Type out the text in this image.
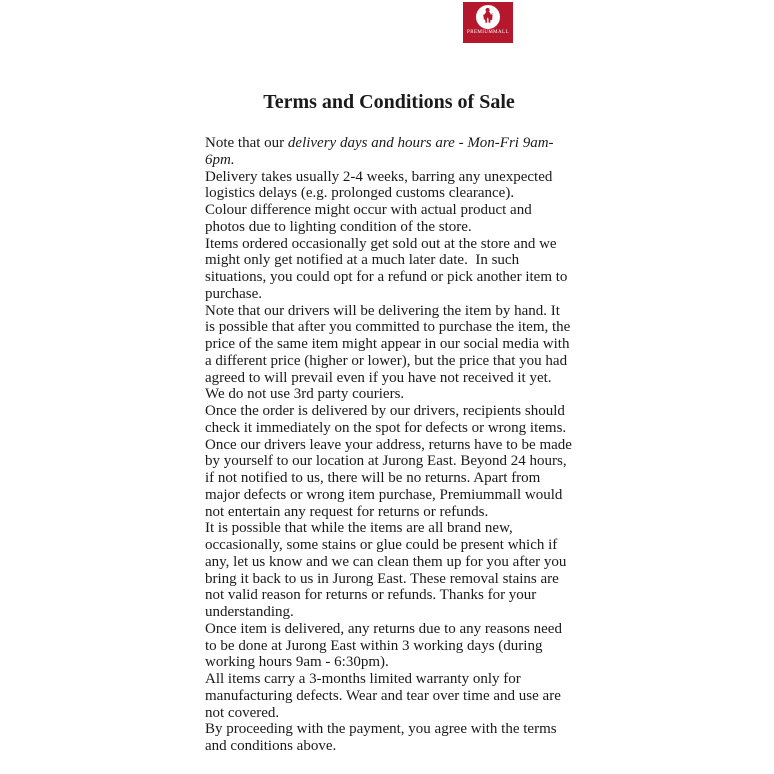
PREMIUMMALL
· · · · · · · ·
Terms and Conditions of Sale

Note that our delivery days and hours are - Mon-Fri 9am-6pm.

Delivery takes usually 2-4 weeks, barring any unexpected logistics delays (e.g. prolonged customs clearance).

Colour difference might occur with actual product and photos due to lighting condition of the store.

Items ordered occasionally get sold out at the store and we might only get notified at a much later date.  In such situations, you could opt for a refund or pick another item to purchase.

Note that our drivers will be delivering the item by hand. It is possible that after you committed to purchase the item, the price of the same item might appear in our social media with a different price (higher or lower), but the price that you had agreed to will prevail even if you have not received it yet. We do not use 3rd party couriers.

Once the order is delivered by our drivers, recipients should check it immediately on the spot for defects or wrong items.

Once our drivers leave your address, returns have to be made by yourself to our location at Jurong East. Beyond 24 hours, if not notified to us, there will be no returns. Apart from major defects or wrong item purchase, Premiummall would not entertain any request for returns or refunds.

It is possible that while the items are all brand new, occasionally, some stains or glue could be present which if any, let us know and we can clean them up for you after you bring it back to us in Jurong East. These removal stains are not valid reason for returns or refunds. Thanks for your understanding.

Once item is delivered, any returns due to any reasons need to be done at Jurong East within 3 working days (during working hours 9am - 6:30pm).

All items carry a 3-months limited warranty only for manufacturing defects. Wear and tear over time and use are not covered.

By proceeding with the payment, you agree with the terms and conditions above.
